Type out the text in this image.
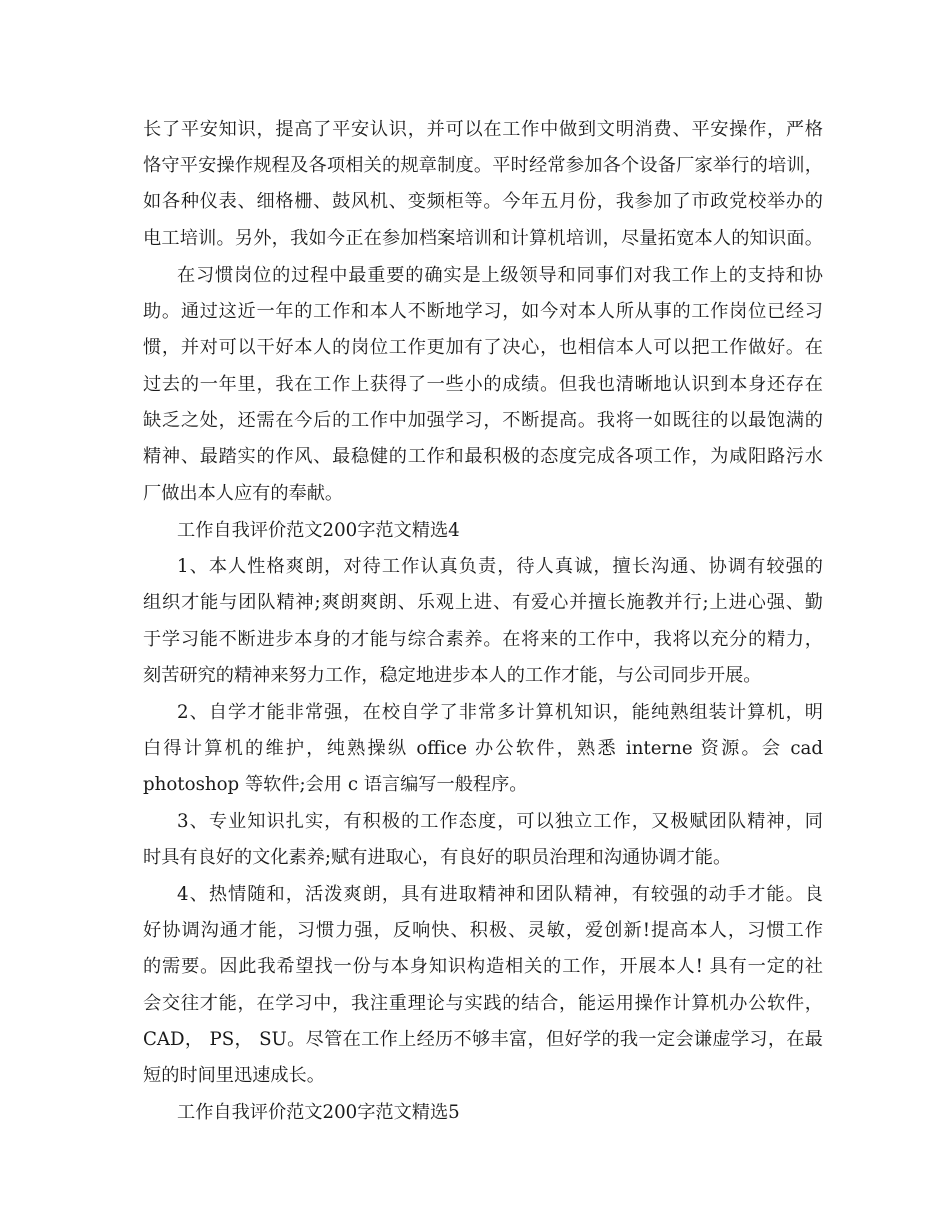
长了平安知识，提高了平安认识，并可以在工作中做到文明消费、平安操作，严格
恪守平安操作规程及各项相关的规章制度。平时经常参加各个设备厂家举行的培训，
如各种仪表、细格栅、鼓风机、变频柜等。今年五月份，我参加了市政党校举办的
电工培训。另外，我如今正在参加档案培训和计算机培训，尽量拓宽本人的知识面。
在习惯岗位的过程中最重要的确实是上级领导和同事们对我工作上的支持和协
助。通过这近一年的工作和本人不断地学习，如今对本人所从事的工作岗位已经习
惯，并对可以干好本人的岗位工作更加有了决心，也相信本人可以把工作做好。在
过去的一年里，我在工作上获得了一些小的成绩。但我也清晰地认识到本身还存在
缺乏之处，还需在今后的工作中加强学习，不断提高。我将一如既往的以最饱满的
精神、最踏实的作风、最稳健的工作和最积极的态度完成各项工作，为咸阳路污水
厂做出本人应有的奉献。
工作自我评价范文200字范文精选4
1、本人性格爽朗，对待工作认真负责，待人真诚，擅长沟通、协调有较强的
组织才能与团队精神;爽朗爽朗、乐观上进、有爱心并擅长施教并行;上进心强、勤
于学习能不断进步本身的才能与综合素养。在将来的工作中，我将以充分的精力，
刻苦研究的精神来努力工作，稳定地进步本人的工作才能，与公司同步开展。
2、自学才能非常强，在校自学了非常多计算机知识，能纯熟组装计算机，明
白得计算机的维护，纯熟操纵 office 办公软件，熟悉 interne 资源。会 cad
photoshop 等软件;会用 c 语言编写一般程序。
3、专业知识扎实，有积极的工作态度，可以独立工作，又极赋团队精神，同
时具有良好的文化素养;赋有进取心，有良好的职员治理和沟通协调才能。
4、热情随和，活泼爽朗，具有进取精神和团队精神，有较强的动手才能。良
好协调沟通才能，习惯力强，反响快、积极、灵敏，爱创新!提高本人，习惯工作
的需要。因此我希望找一份与本身知识构造相关的工作，开展本人! 具有一定的社
会交往才能，在学习中，我注重理论与实践的结合，能运用操作计算机办公软件，
CAD， PS， SU。尽管在工作上经历不够丰富，但好学的我一定会谦虚学习，在最
短的时间里迅速成长。
工作自我评价范文200字范文精选5
